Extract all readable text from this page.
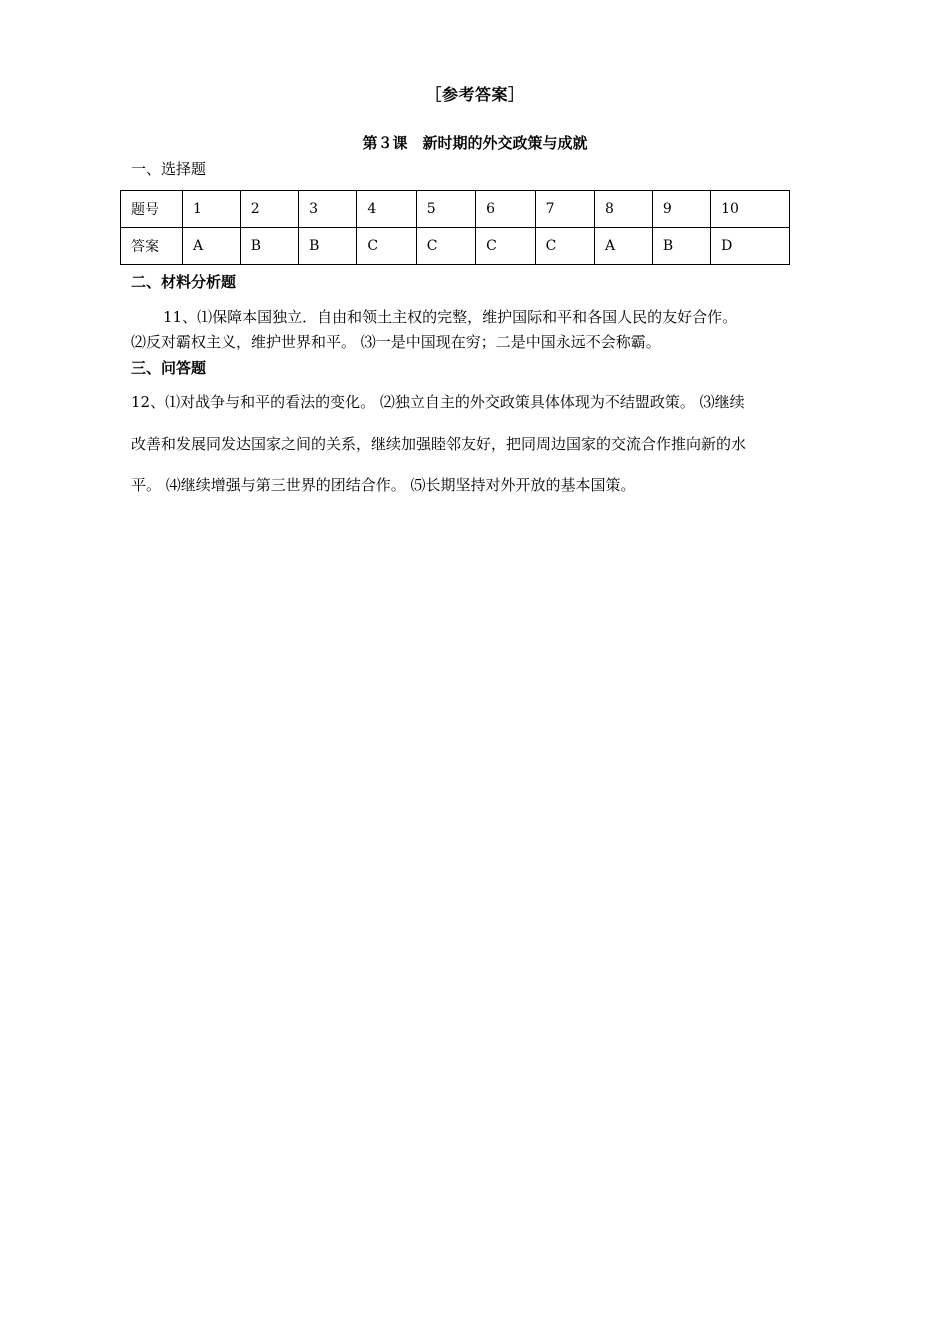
［参考答案］
第３课　新时期的外交政策与成就
一、选择题
题号	1	2	3	4	5	6	7	8	9	10
答案	A	B	B	C	C	C	C	A	B	D
二、材料分析题
11、⑴保障本国独立．自由和领土主权的完整，维护国际和平和各国人民的友好合作。
⑵反对霸权主义，维护世界和平。 ⑶一是中国现在穷；二是中国永远不会称霸。
三、问答题
12、⑴对战争与和平的看法的变化。 ⑵独立自主的外交政策具体体现为不结盟政策。 ⑶继续
改善和发展同发达国家之间的关系，继续加强睦邻友好，把同周边国家的交流合作推向新的水
平。 ⑷继续增强与第三世界的团结合作。 ⑸长期坚持对外开放的基本国策。
